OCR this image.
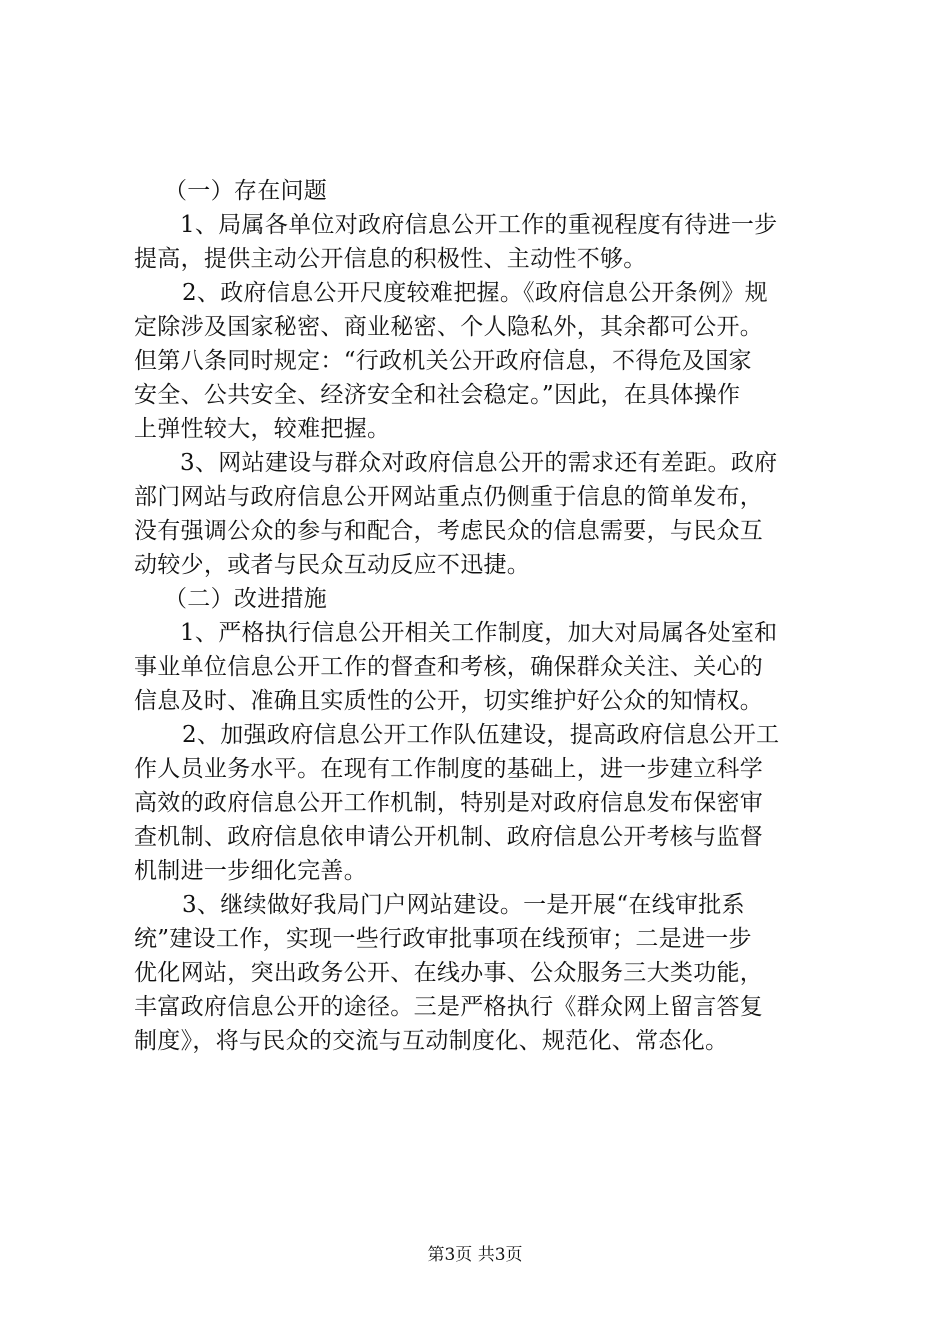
（一）存在问题
1、局属各单位对政府信息公开工作的重视程度有待进一步
提高，提供主动公开信息的积极性、主动性不够。
2、政府信息公开尺度较难把握。《政府信息公开条例》规
定除涉及国家秘密、商业秘密、个人隐私外，其余都可公开。
但第八条同时规定：“行政机关公开政府信息，不得危及国家
安全、公共安全、经济安全和社会稳定。”因此，在具体操作
上弹性较大，较难把握。
3、网站建设与群众对政府信息公开的需求还有差距。政府
部门网站与政府信息公开网站重点仍侧重于信息的简单发布，
没有强调公众的参与和配合，考虑民众的信息需要，与民众互
动较少，或者与民众互动反应不迅捷。
（二）改进措施
1、严格执行信息公开相关工作制度，加大对局属各处室和
事业单位信息公开工作的督查和考核，确保群众关注、关心的
信息及时、准确且实质性的公开，切实维护好公众的知情权。
2、加强政府信息公开工作队伍建设，提高政府信息公开工
作人员业务水平。在现有工作制度的基础上，进一步建立科学
高效的政府信息公开工作机制，特别是对政府信息发布保密审
查机制、政府信息依申请公开机制、政府信息公开考核与监督
机制进一步细化完善。
3、继续做好我局门户网站建设。一是开展“在线审批系
统”建设工作，实现一些行政审批事项在线预审；二是进一步
优化网站，突出政务公开、在线办事、公众服务三大类功能，
丰富政府信息公开的途径。三是严格执行《群众网上留言答复
制度》，将与民众的交流与互动制度化、规范化、常态化。
第3页 共3页
